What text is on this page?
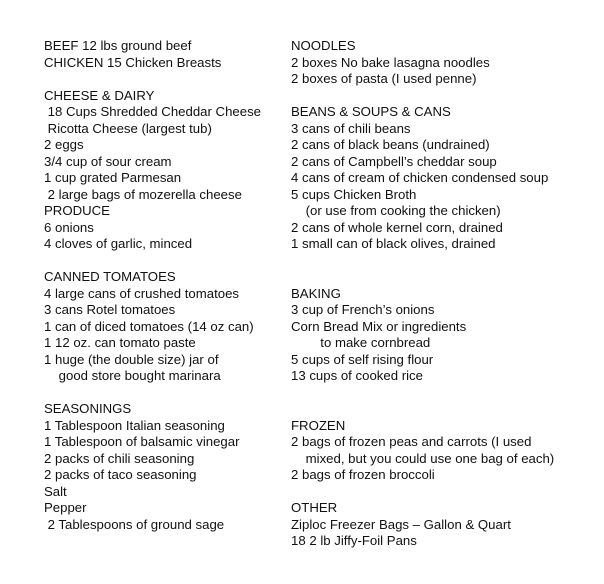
BEEF 12 lbs ground beef
CHICKEN 15 Chicken Breasts
CHEESE & DAIRY
18 Cups Shredded Cheddar Cheese
Ricotta Cheese (largest tub)
2 eggs
3/4 cup of sour cream
1 cup grated Parmesan
2 large bags of mozerella cheese
PRODUCE
6 onions
4 cloves of garlic, minced
CANNED TOMATOES
4 large cans of crushed tomatoes
3 cans Rotel tomatoes
1 can of diced tomatoes (14 oz can)
1 12 oz. can tomato paste
1 huge (the double size) jar of
good store bought marinara
SEASONINGS
1 Tablespoon Italian seasoning
1 Tablespoon of balsamic vinegar
2 packs of chili seasoning
2 packs of taco seasoning
Salt
Pepper
2 Tablespoons of ground sage
NOODLES
2 boxes No bake lasagna noodles
2 boxes of pasta (I used penne)
BEANS & SOUPS & CANS
3 cans of chili beans
2 cans of black beans (undrained)
2 cans of Campbell’s cheddar soup
4 cans of cream of chicken condensed soup
5 cups Chicken Broth
(or use from cooking the chicken)
2 cans of whole kernel corn, drained
1 small can of black olives, drained
BAKING
3 cup of French’s onions
Corn Bread Mix or ingredients
to make cornbread
5 cups of self rising flour
13 cups of cooked rice
FROZEN
2 bags of frozen peas and carrots (I used
mixed, but you could use one bag of each)
2 bags of frozen broccoli
OTHER
Ziploc Freezer Bags – Gallon & Quart
18 2 lb Jiffy-Foil Pans
